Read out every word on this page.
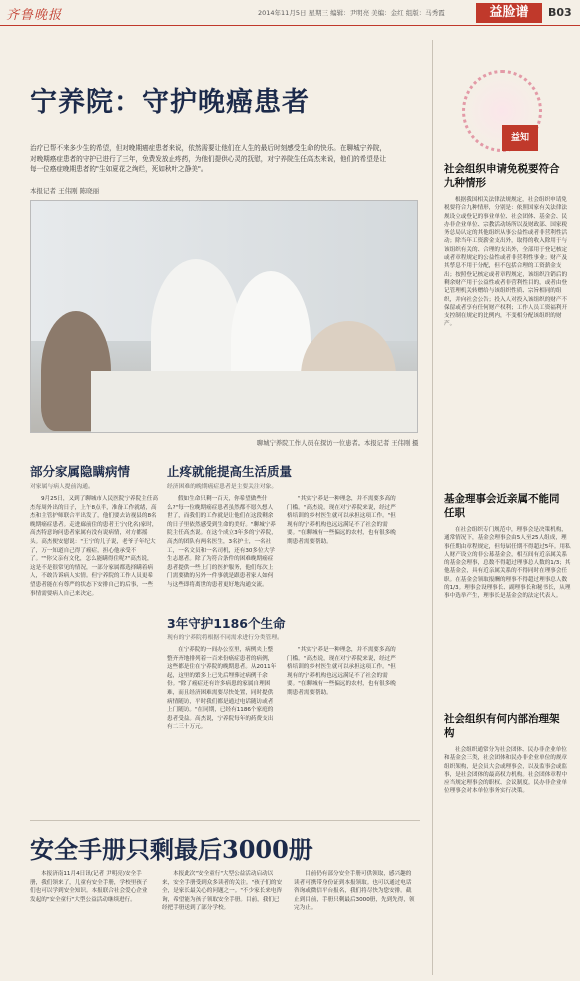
齐鲁晚报	2014年11月5日 星期三 编辑：尹明亮 美编：金红 组版：马秀霞	益脸谱	B03
宁养院：守护晚癌患者
治疗已帮不来多少生的希望，但对晚期癌症患者来说，依然需要让他们在人生的最后时刻感受生命的快乐。在聊城宁养院，对晚期癌症患者的守护已进行了三年，免费发放止疼药，为他们提供心灵的抚慰，对宁养院生任高杰来说，他们的希望是让每一位癌症晚期患者的"生如夏花之绚烂，死如秋叶之静美"。
本报记者 王伟刚 陈晓丽
聊城宁养院工作人员在探访一位患者。本报记者 王伟刚 摄
部分家属隐瞒病情
对家属与病人提前沟通。
9月25日，又到了聊城市人民医院宁养院主任高杰每周外出的日子，上午8点半，准备工作就绪，高杰和主管护师联合平出发了，他们要去访视县的8名晚期癌症患者。走进廊前住的患者王宁(化名)家时，高杰特意询问患者家属有没有说病情，对方都摇头。高杰便安慰说："王宁的儿子说，老爷子年纪大了，万一知道自己得了癌症，担心他承受不了。""你父亲有文化，怎么能瞒得住呢?"高杰说，这是不是很常见的情况，一部分家属都选择瞒着病人，不敢告诉病人实情。但宁养院的工作人员更希望患者能在有尊严的状态下安排自己的后事，一些事情需要病人自己来决定。
止疼就能提高生活质量
经济困难的晚期癌症患者是主要关注对象。
假如生命只剩一百天，你希望做些什么?"每一位晚期癌症患者虽然都不愿久想人世了，而我们的工作就是让他们在这段剩余的日子里依然感受到生命的美好。"聊城宁养院主任高杰说。在这个成立3年多的宁养院，高杰的团队有两名医生，3名护士，一名社工，一名文员和一名司机，还有30多位大学生志愿者。除了为符合条件的困难晚期癌症患者提供一些上门的医护服务，他们每次上门需要做的另外一件事就是跟患者家人如何与这些即将离世的患者更好地沟通交流。
"其实宁养是一种理念，并不需要多高的门槛。"高杰说，现在对宁养院来说，经过严格培训的乡村医生就可以承担这项工作。"但现有的宁养机构也远远满足不了社会的需要。"在聊城有一些偏远的农村，也有很多晚期患者需要帮助。
3年守护1186个生命
现有的宁养院将根据不同需求进行分类管理。
在宁养院的一间办公室里，病例夹上整整齐齐地排列着一百来份癌症患者的病例，这些都是住在宁养院的晚期患者。从2011年起，这里的繁多上已先后埋葬过病例千余份。"除了癌症还有许多病患的家属自理困难，而且经济困难需要尽快处置，同时提供病情随访，平时我们都是通过电话随访或者上门随访。"在同期，已经有1186个家庭的患者受益。高杰说，宁养院每年的药费支出有二三十万元。
"其实宁养是一种理念，并不需要多高的门槛。"高杰说，现在对宁养院来说，经过严格培训的乡村医生就可以承担这项工作。"但现有的宁养机构也远远满足不了社会的需要。"在聊城有一些偏远的农村，也有很多晚期患者需要帮助。
安全手册只剩最后3000册
本报济南11月4日讯(记者 尹明亮)安全手册，我们领来了，儿童有安全手册，学校里孩子们也可以学到安全知识。本报联合社会爱心企业发起的"安全童行"大型公益活动继续进行。
本报此次"安全童行"大型公益活动启动以来，安全手册受到众多读者的关注。"孩子们的安全，是家长最关心的问题之一。"不少家长来电咨询，希望能为孩子领取安全手册。目前，我们已经把手册送到了部分学校。
目前仍有部分安全手册可供领取，感兴趣的读者可携带身份证到本报领取。也可以通过电话咨询或微信平台报名，我们将尽快为您安排。截止到目前，手册只剩最后3000册，先到先得，领完为止。
益知
社会组织申请免税要符合九种情形
根据我国相关法律法规规定，社会组织申请免税要符合九种情形，分别是：依照国家有关法律法规设立或登记的事业单位、社会团体、基金会、民办非企业单位、宗教活动场所以及财政部、国家税务总局认定的其他组织从事公益性或者非营利性活动；除当年工资薪金支出外，取得的收入除用于与该组织有关的、合理的支出外，全部用于登记核定或者章程规定的公益性或者非营利性事业；财产及其孳息不用于分配，但不包括合理的工资薪金支出；按照登记核定或者章程规定，该组织注销后的剩余财产用于公益性或者非营利性目的，或者由登记管理机关转赠给与该组织性质、宗旨相同的组织，并向社会公告；投入人对投入该组织的财产不保留或者享有任何财产权利；工作人员工资福利开支控制在规定的比例内，不变相分配该组织的财产。
基金理事会近亲属不能同任职
在社会组织专门规范中，理事会是决策机构，通常情况下，基金会理事会由5人至25人组成，理事任期由章程规定，但每届任期不得超过5年。用私人财产设立的非公募基金会，相互间有近亲属关系的基金会理事，总数不得超过理事总人数的1/3；其他基金会，具有近亲属关系的不得同时在理事会任职。在基金会领取报酬的理事不得超过理事总人数的1/3。理事会设理事长、副理事长和秘书长，从理事中选举产生，理事长是基金会的法定代表人。
社会组织有何内部治理架构
社会组织通常分为社会团体、民办非企业单位和基金会三类，社会团体和民办非企业单位的规章组织架构，是会员大会或理事会，以及监事会或监事，是社会团体的最高权力机构。社会团体章程中应当规定理事会的职权、会议制度。民办非企业单位理事会对本单位事务实行决策。
